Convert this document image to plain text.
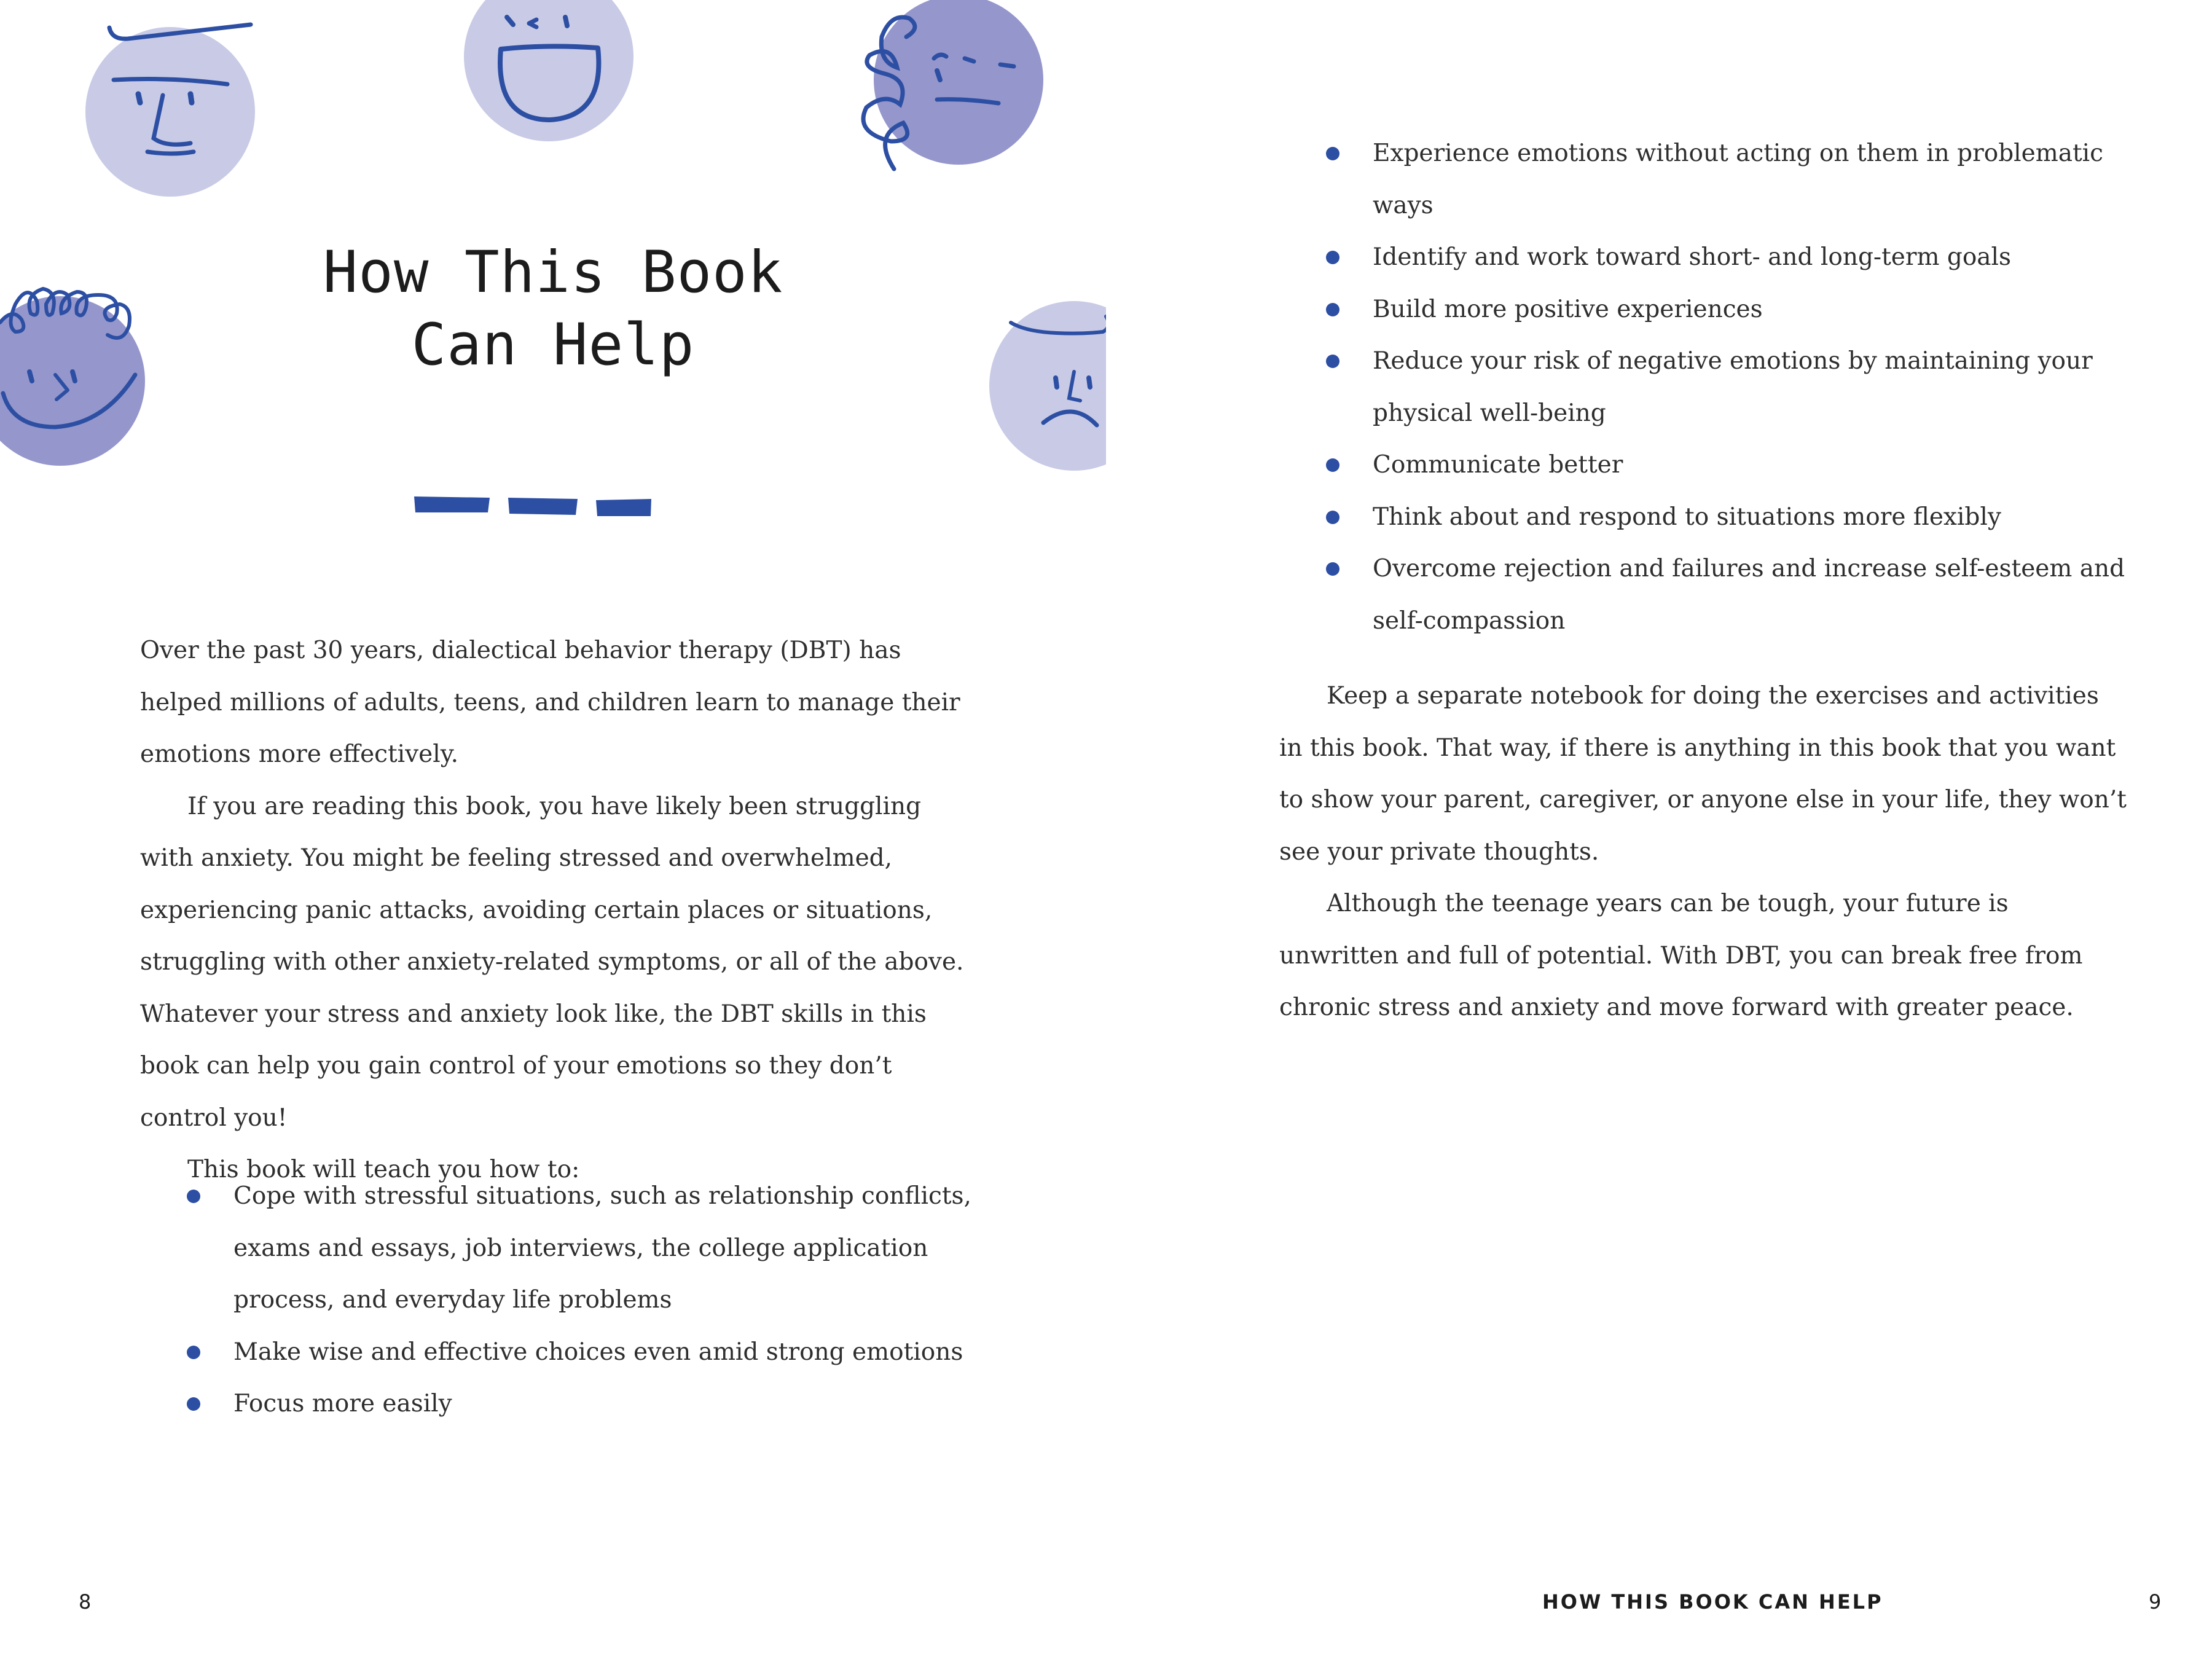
How This Book
Can Help

Over the past 30 years, dialectical behavior therapy (DBT) has helped millions of adults, teens, and children learn to manage their emotions more effectively.

If you are reading this book, you have likely been struggling with anxiety. You might be feeling stressed and overwhelmed, experiencing panic attacks, avoiding certain places or situations, struggling with other anxiety-related symptoms, or all of the above. Whatever your stress and anxiety look like, the DBT skills in this book can help you gain control of your emotions so they don’t control you!

This book will teach you how to:

Cope with stressful situations, such as relationship conflicts, exams and essays, job interviews, the college application process, and everyday life problems
Make wise and effective choices even amid strong emotions
Focus more easily
8
Experience emotions without acting on them in problematic ways
Identify and work toward short- and long-term goals
Build more positive experiences
Reduce your risk of negative emotions by maintaining your physical well-being
Communicate better
Think about and respond to situations more flexibly
Overcome rejection and failures and increase self-esteem and self-compassion

Keep a separate notebook for doing the exercises and activities in this book. That way, if there is anything in this book that you want to show your parent, caregiver, or anyone else in your life, they won’t see your private thoughts.

Although the teenage years can be tough, your future is unwritten and full of potential. With DBT, you can break free from chronic stress and anxiety and move forward with greater peace.

HOW THIS BOOK CAN HELP	9
